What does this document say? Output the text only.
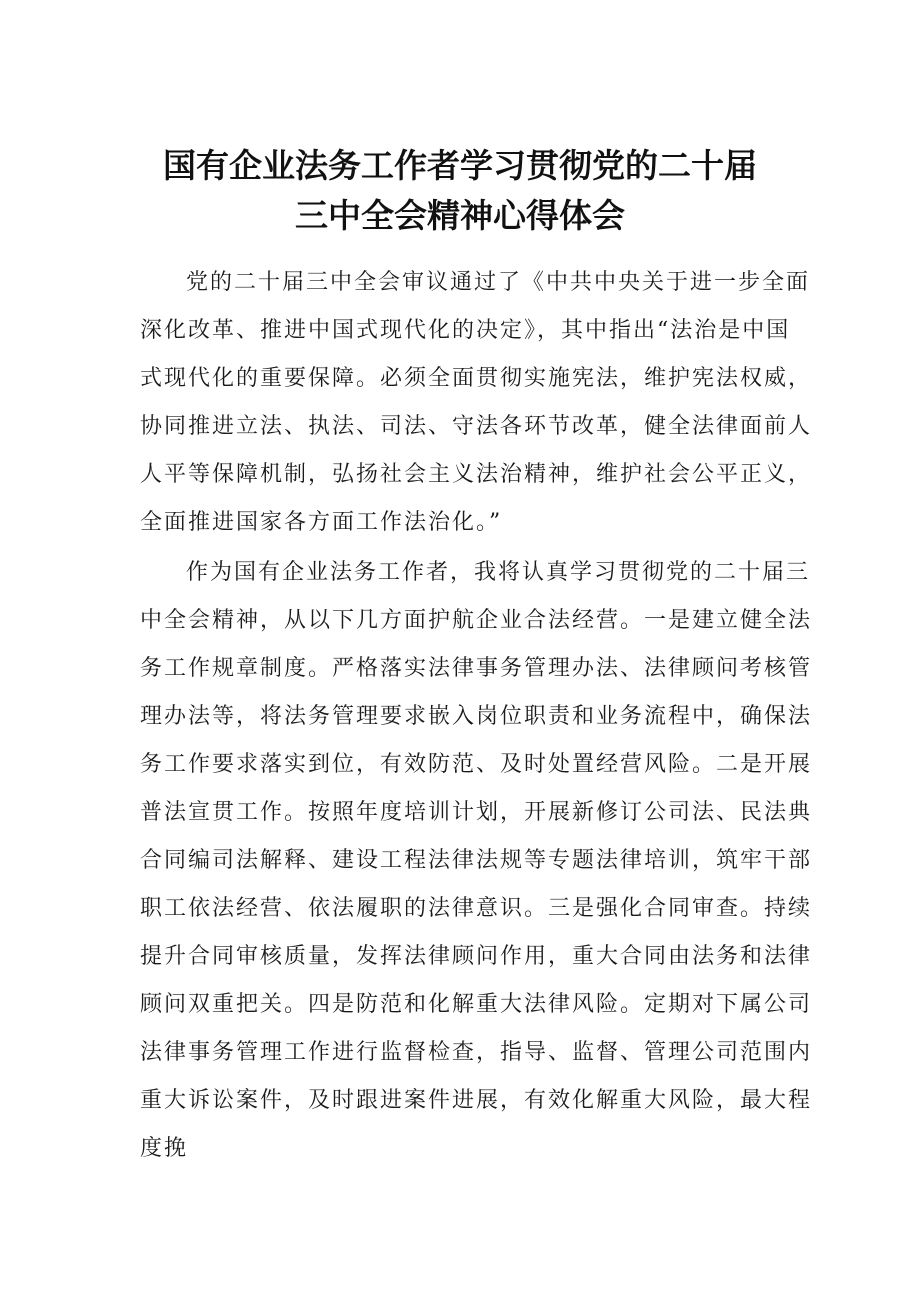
国有企业法务工作者学习贯彻党的二十届
三中全会精神心得体会
党的二十届三中全会审议通过了《中共中央关于进一步全面
深化改革、推进中国式现代化的决定》，其中指出“法治是中国
式现代化的重要保障。必须全面贯彻实施宪法，维护宪法权威，
协同推进立法、执法、司法、守法各环节改革，健全法律面前人
人平等保障机制，弘扬社会主义法治精神，维护社会公平正义，
全面推进国家各方面工作法治化。”
作为国有企业法务工作者，我将认真学习贯彻党的二十届三
中全会精神，从以下几方面护航企业合法经营。一是建立健全法
务工作规章制度。严格落实法律事务管理办法、法律顾问考核管
理办法等，将法务管理要求嵌入岗位职责和业务流程中，确保法
务工作要求落实到位，有效防范、及时处置经营风险。二是开展
普法宣贯工作。按照年度培训计划，开展新修订公司法、民法典
合同编司法解释、建设工程法律法规等专题法律培训，筑牢干部
职工依法经营、依法履职的法律意识。三是强化合同审查。持续
提升合同审核质量，发挥法律顾问作用，重大合同由法务和法律
顾问双重把关。四是防范和化解重大法律风险。定期对下属公司
法律事务管理工作进行监督检查，指导、监督、管理公司范围内
重大诉讼案件，及时跟进案件进展，有效化解重大风险，最大程
度挽
